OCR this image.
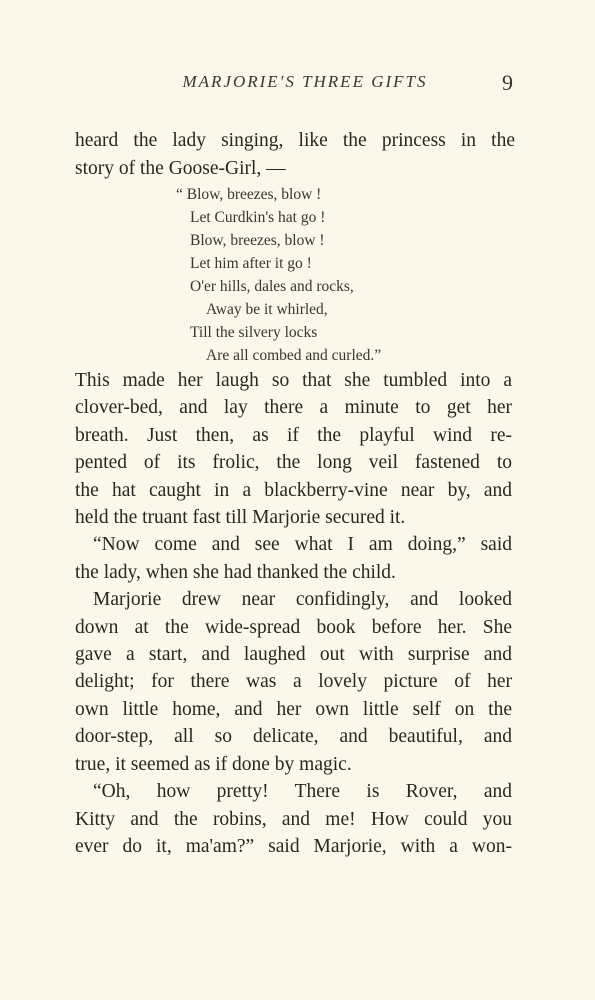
MARJORIE'S THREE GIFTS	9
heard the lady singing, like the princess in the
story of the Goose-Girl, —
“ Blow, breezes, blow !
Let Curdkin's hat go !
Blow, breezes, blow !
Let him after it go !
O'er hills, dales and rocks,
Away be it whirled,
Till the silvery locks
Are all combed and curled.”
This made her laugh so that she tumbled into a
clover-bed, and lay there a minute to get her
breath. Just then, as if the playful wind re-
pented of its frolic, the long veil fastened to
the hat caught in a blackberry-vine near by, and
held the truant fast till Marjorie secured it.
“Now come and see what I am doing,” said
the lady, when she had thanked the child.
Marjorie drew near confidingly, and looked
down at the wide-spread book before her. She
gave a start, and laughed out with surprise and
delight; for there was a lovely picture of her
own little home, and her own little self on the
door-step, all so delicate, and beautiful, and
true, it seemed as if done by magic.
“Oh, how pretty! There is Rover, and
Kitty and the robins, and me! How could you
ever do it, ma'am?” said Marjorie, with a won-
